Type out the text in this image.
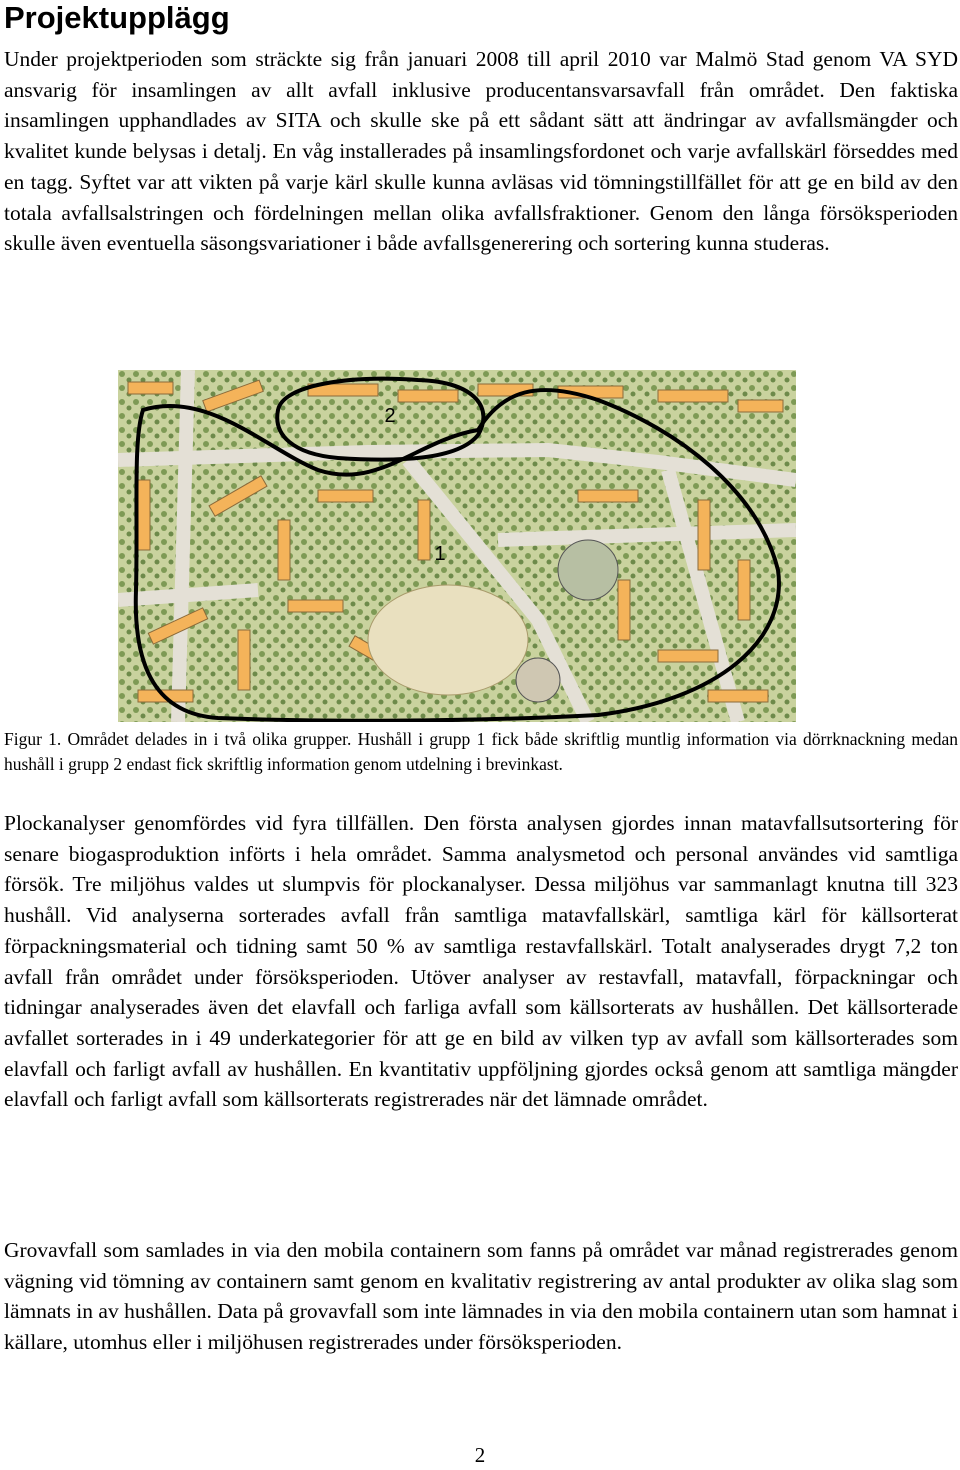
Projektupplägg

Under projektperioden som sträckte sig från januari 2008 till april 2010 var Malmö Stad genom VA SYD ansvarig för insamlingen av allt avfall inklusive producentansvarsavfall från området. Den faktiska insamlingen upphandlades av SITA och skulle ske på ett sådant sätt att ändringar av avfallsmängder och kvalitet kunde belysas i detalj. En våg installerades på insamlingsfordonet och varje avfallskärl förseddes med en tagg. Syftet var att vikten på varje kärl skulle kunna avläsas vid tömningstillfället för att ge en bild av den totala avfallsalstringen och fördelningen mellan olika avfallsfraktioner. Genom den långa försöksperioden skulle även eventuella säsongsvariationer i både avfallsgenerering och sortering kunna studeras.

2
1

Figur 1. Området delades in i två olika grupper. Hushåll i grupp 1 fick både skriftlig muntlig information via dörrknackning medan hushåll i grupp 2 endast fick skriftlig information genom utdelning i brevinkast.

Plockanalyser genomfördes vid fyra tillfällen. Den första analysen gjordes innan matavfallsutsortering för senare biogasproduktion införts i hela området. Samma analysmetod och personal användes vid samtliga försök. Tre miljöhus valdes ut slumpvis för plockanalyser. Dessa miljöhus var sammanlagt knutna till 323 hushåll. Vid analyserna sorterades avfall från samtliga matavfallskärl, samtliga kärl för källsorterat förpackningsmaterial och tidning samt 50 % av samtliga restavfallskärl. Totalt analyserades drygt 7,2 ton avfall från området under försöksperioden. Utöver analyser av restavfall, matavfall, förpackningar och tidningar analyserades även det elavfall och farliga avfall som källsorterats av hushållen. Det källsorterade avfallet sorterades in i 49 underkategorier för att ge en bild av vilken typ av avfall som källsorterades som elavfall och farligt avfall av hushållen. En kvantitativ uppföljning gjordes också genom att samtliga mängder elavfall och farligt avfall som källsorterats registrerades när det lämnade området.

Grovavfall som samlades in via den mobila containern som fanns på området var månad registrerades genom vägning vid tömning av containern samt genom en kvalitativ registrering av antal produkter av olika slag som lämnats in av hushållen. Data på grovavfall som inte lämnades in via den mobila containern utan som hamnat i källare, utomhus eller i miljöhusen registrerades under försöksperioden.

2
